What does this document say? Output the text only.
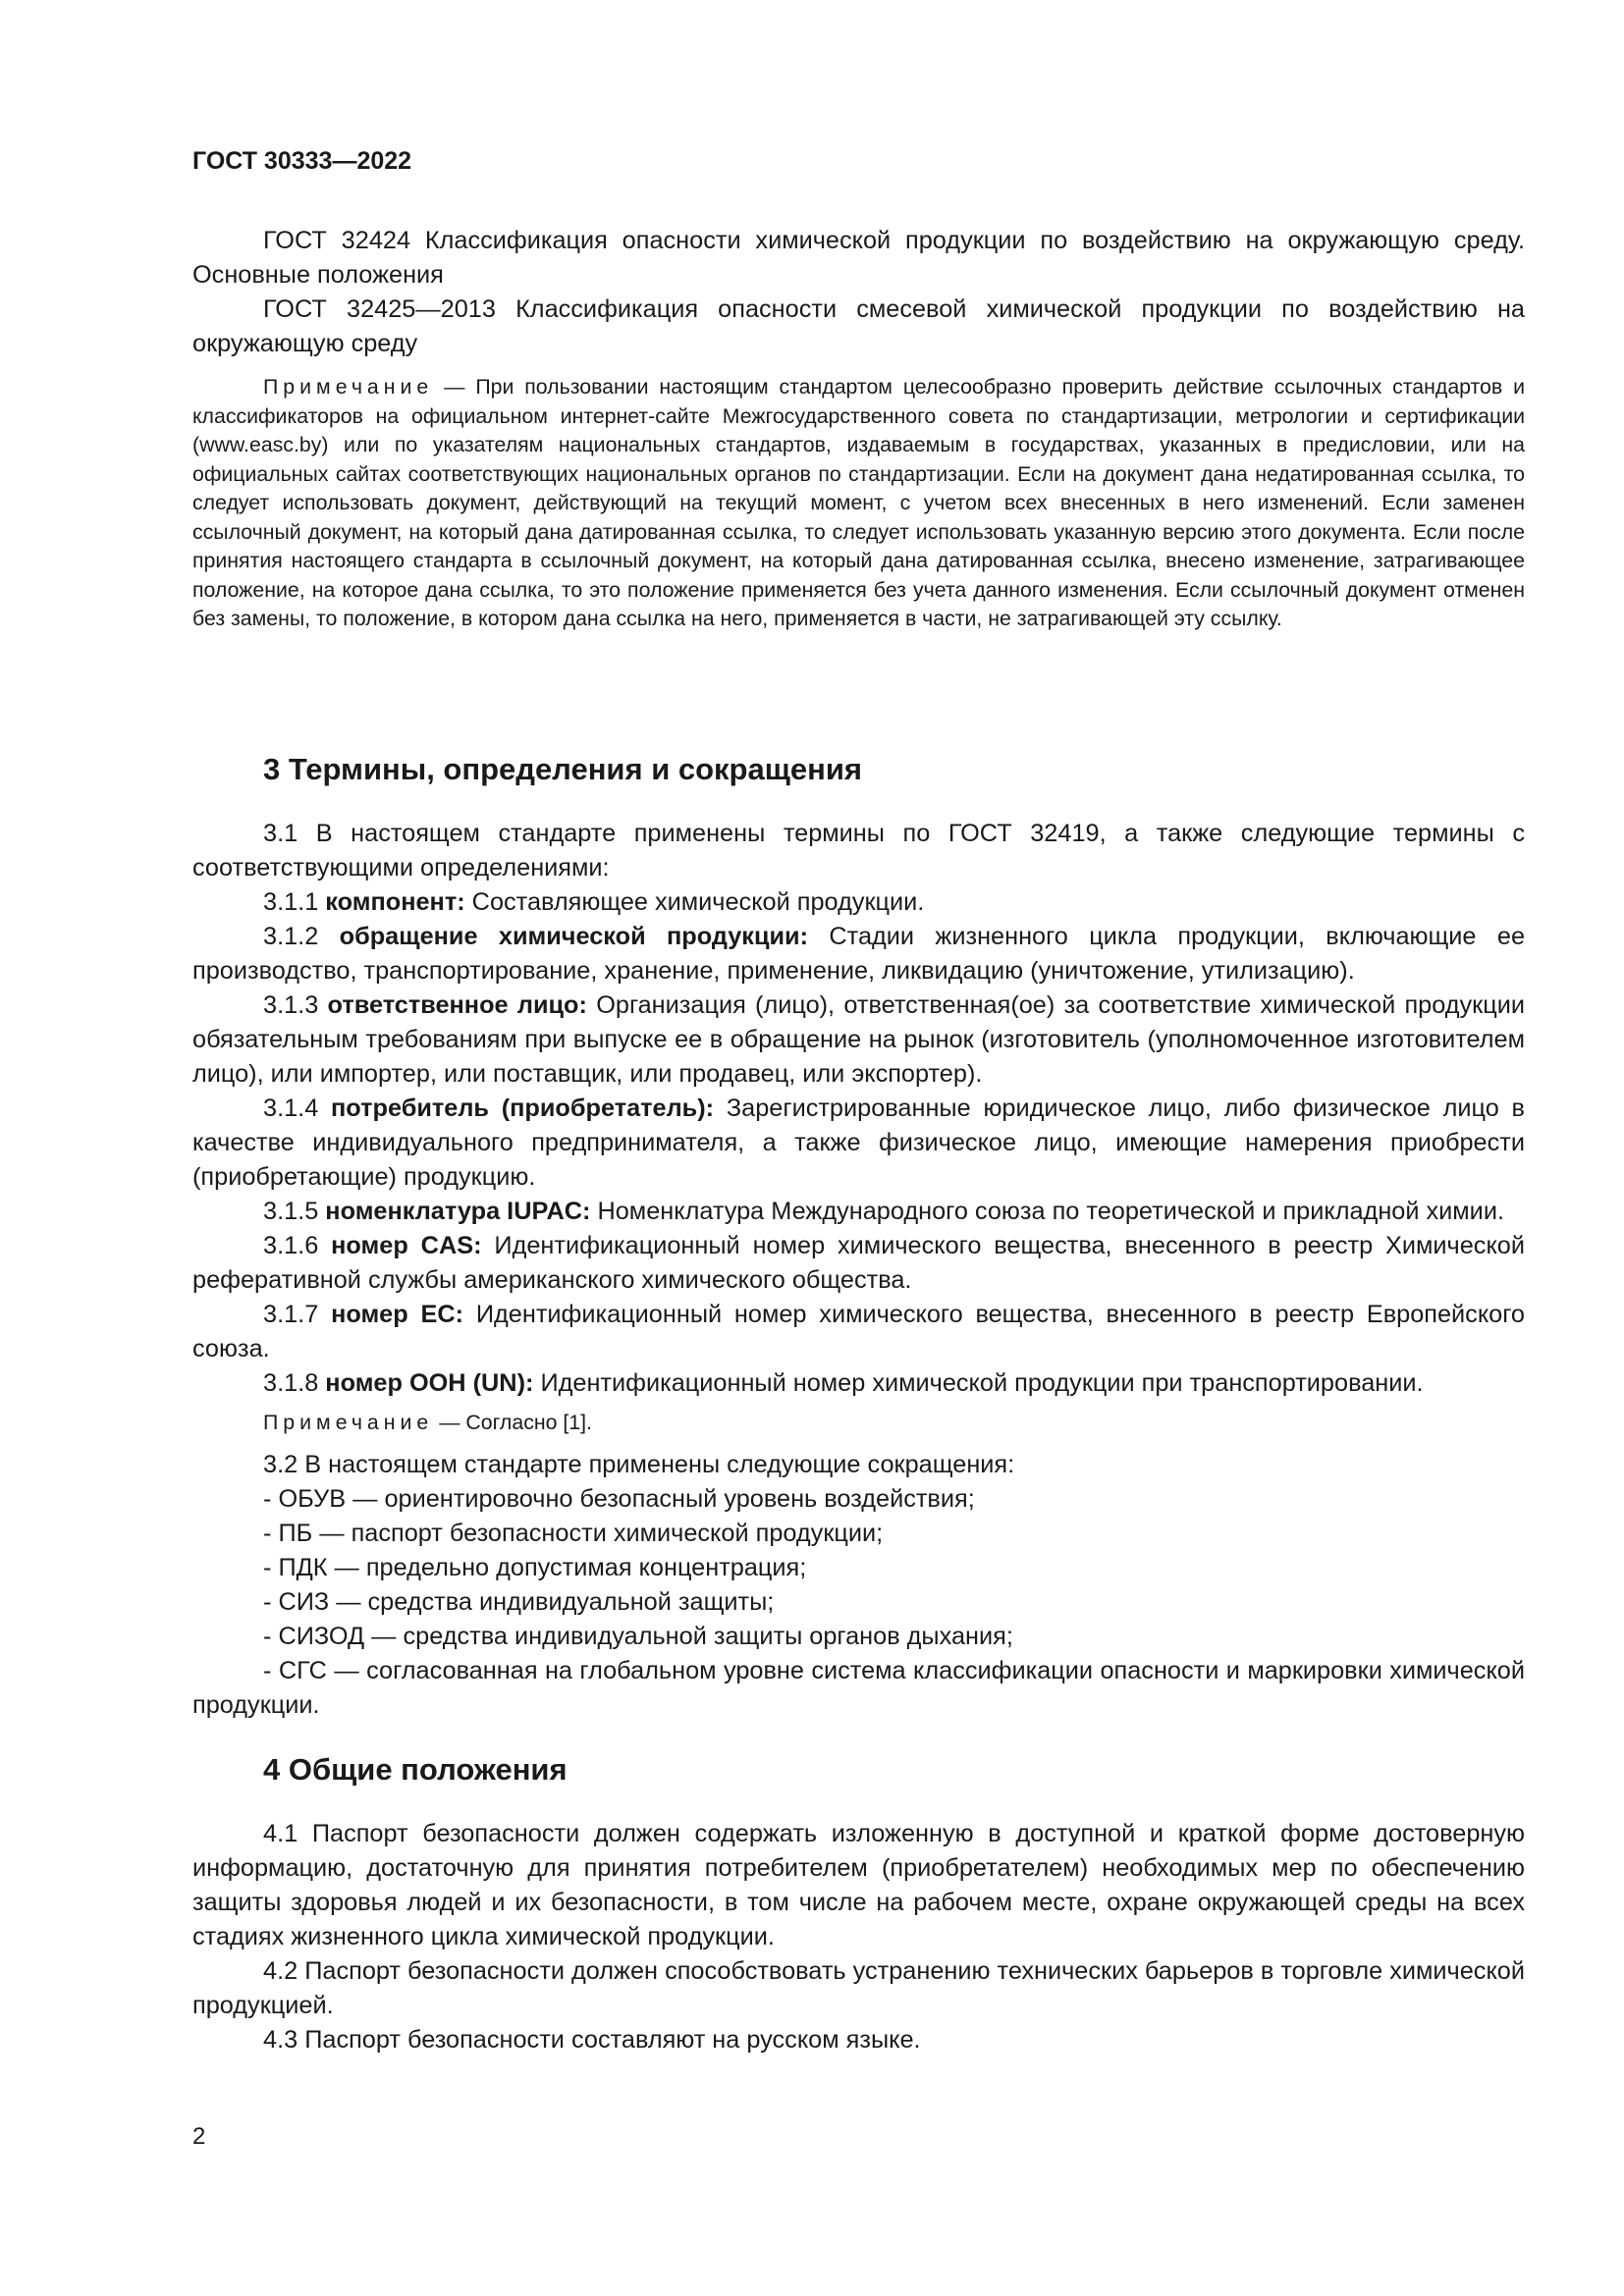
ГОСТ 30333—2022

ГОСТ 32424 Классификация опасности химической продукции по воздействию на окружающую среду. Основные положения

ГОСТ 32425—2013 Классификация опасности смесевой химической продукции по воздействию на окружающую среду

Примечание — При пользовании настоящим стандартом целесообразно проверить действие ссылочных стандартов и классификаторов на официальном интернет-сайте Межгосударственного совета по стандартизации, метрологии и сертификации (www.easc.by) или по указателям национальных стандартов, издаваемым в государствах, указанных в предисловии, или на официальных сайтах соответствующих национальных органов по стандартизации. Если на документ дана недатированная ссылка, то следует использовать документ, действующий на текущий момент, с учетом всех внесенных в него изменений. Если заменен ссылочный документ, на который дана датированная ссылка, то следует использовать указанную версию этого документа. Если после принятия настоящего стандарта в ссылочный документ, на который дана датированная ссылка, внесено изменение, затрагивающее положение, на которое дана ссылка, то это положение применяется без учета данного изменения. Если ссылочный документ отменен без замены, то положение, в котором дана ссылка на него, применяется в части, не затрагивающей эту ссылку.

3 Термины, определения и сокращения

3.1 В настоящем стандарте применены термины по ГОСТ 32419, а также следующие термины с соответствующими определениями:

3.1.1 компонент: Составляющее химической продукции.

3.1.2 обращение химической продукции: Стадии жизненного цикла продукции, включающие ее производство, транспортирование, хранение, применение, ликвидацию (уничтожение, утилизацию).

3.1.3 ответственное лицо: Организация (лицо), ответственная(ое) за соответствие химической продукции обязательным требованиям при выпуске ее в обращение на рынок (изготовитель (уполномоченное изготовителем лицо), или импортер, или поставщик, или продавец, или экспортер).

3.1.4 потребитель (приобретатель): Зарегистрированные юридическое лицо, либо физическое лицо в качестве индивидуального предпринимателя, а также физическое лицо, имеющие намерения приобрести (приобретающие) продукцию.

3.1.5 номенклатура IUPAC: Номенклатура Международного союза по теоретической и прикладной химии.

3.1.6 номер CAS: Идентификационный номер химического вещества, внесенного в реестр Химической реферативной службы американского химического общества.

3.1.7 номер ЕС: Идентификационный номер химического вещества, внесенного в реестр Европейского союза.

3.1.8 номер ООН (UN): Идентификационный номер химической продукции при транспортировании.

Примечание — Согласно [1].

3.2 В настоящем стандарте применены следующие сокращения:

- ОБУВ — ориентировочно безопасный уровень воздействия;

- ПБ — паспорт безопасности химической продукции;

- ПДК — предельно допустимая концентрация;

- СИЗ — средства индивидуальной защиты;

- СИЗОД — средства индивидуальной защиты органов дыхания;

- СГС — согласованная на глобальном уровне система классификации опасности и маркировки химической продукции.

4 Общие положения

4.1 Паспорт безопасности должен содержать изложенную в доступной и краткой форме достоверную информацию, достаточную для принятия потребителем (приобретателем) необходимых мер по обеспечению защиты здоровья людей и их безопасности, в том числе на рабочем месте, охране окружающей среды на всех стадиях жизненного цикла химической продукции.

4.2 Паспорт безопасности должен способствовать устранению технических барьеров в торговле химической продукцией.

4.3 Паспорт безопасности составляют на русском языке.

2
